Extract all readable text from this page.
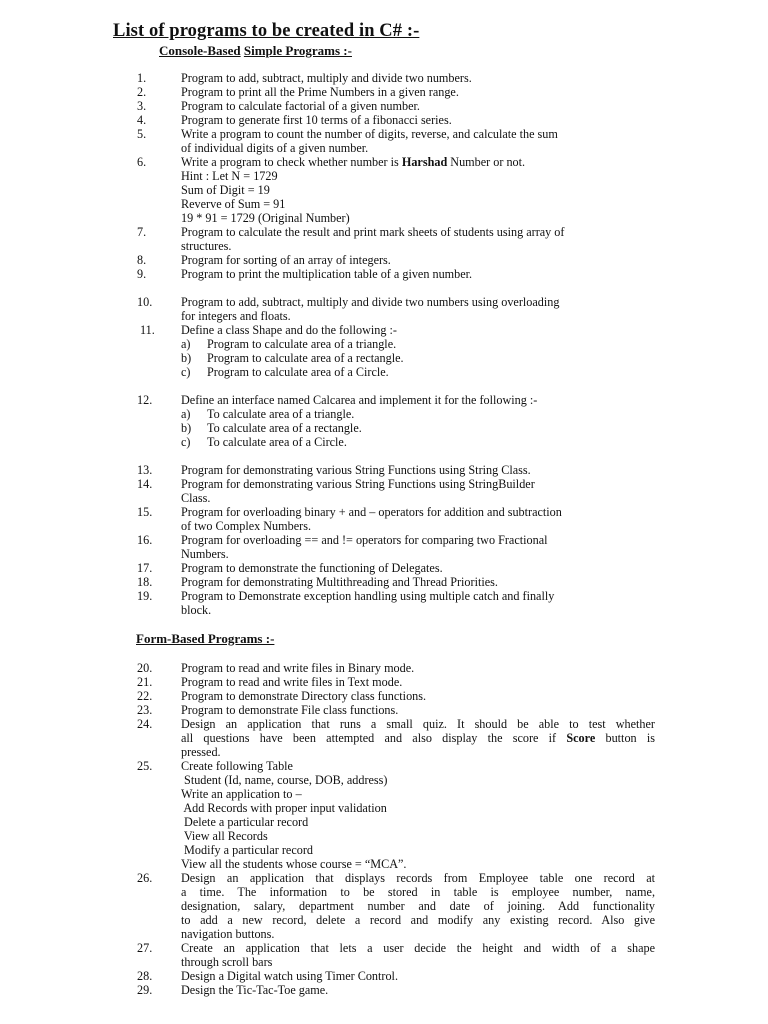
List of programs to be created in C# :-
Console-Based Simple Programs :-
1.	Program to add, subtract, multiply and divide two numbers.
2.	Program to print all the Prime Numbers in a given range.
3.	Program to calculate factorial of a given number.
4.	Program to generate first 10 terms of a fibonacci series.
5.	Write a program to count the number of digits, reverse, and calculate the sum
of individual digits of a given number.
6.	Write a program to check whether number is Harshad Number or not.
Hint : Let N = 1729
Sum of Digit = 19
Reverve of Sum = 91
19 * 91 = 1729 (Original Number)
7.	Program to calculate the result and print mark sheets of students using array of
structures.
8.	Program for sorting of an array of integers.
9.	Program to print the multiplication table of a given number.
10. Program to add, subtract, multiply and divide two numbers using overloading
for integers and floats.
11. Define a class Shape and do the following :-
a) Program to calculate area of a triangle.
b) Program to calculate area of a rectangle.
c) Program to calculate area of a Circle.
12. Define an interface named Calcarea and implement it for the following :-
a) To calculate area of a triangle.
b) To calculate area of a rectangle.
c) To calculate area of a Circle.
13. Program for demonstrating various String Functions using String Class.
14. Program for demonstrating various String Functions using StringBuilder
Class.
15. Program for overloading binary + and – operators for addition and subtraction
of two Complex Numbers.
16. Program for overloading == and != operators for comparing two Fractional
Numbers.
17. Program to demonstrate the functioning of Delegates.
18. Program for demonstrating Multithreading and Thread Priorities.
19. Program to Demonstrate exception handling using multiple catch and finally
block.
Form-Based Programs :-
20. Program to read and write files in Binary mode.
21. Program to read and write files in Text mode.
22. Program to demonstrate Directory class functions.
23. Program to demonstrate File class functions.
24. Design an application that runs a small quiz. It should be able to test whether
all questions have been attempted and also display the score if Score button is
pressed.
25. Create following Table
Student (Id, name, course, DOB, address)
Write an application to –
Add Records with proper input validation
Delete a particular record
View all Records
Modify a particular record
View all the students whose course = “MCA”.
26. Design an application that displays records from Employee table one record at
a time. The information to be stored in table is employee number, name,
designation, salary, department number and date of joining. Add functionality
to add a new record, delete a record and modify any existing record. Also give
navigation buttons.
27. Create an application that lets a user decide the height and width of a shape
through scroll bars
28. Design a Digital watch using Timer Control.
29. Design the Tic-Tac-Toe game.
